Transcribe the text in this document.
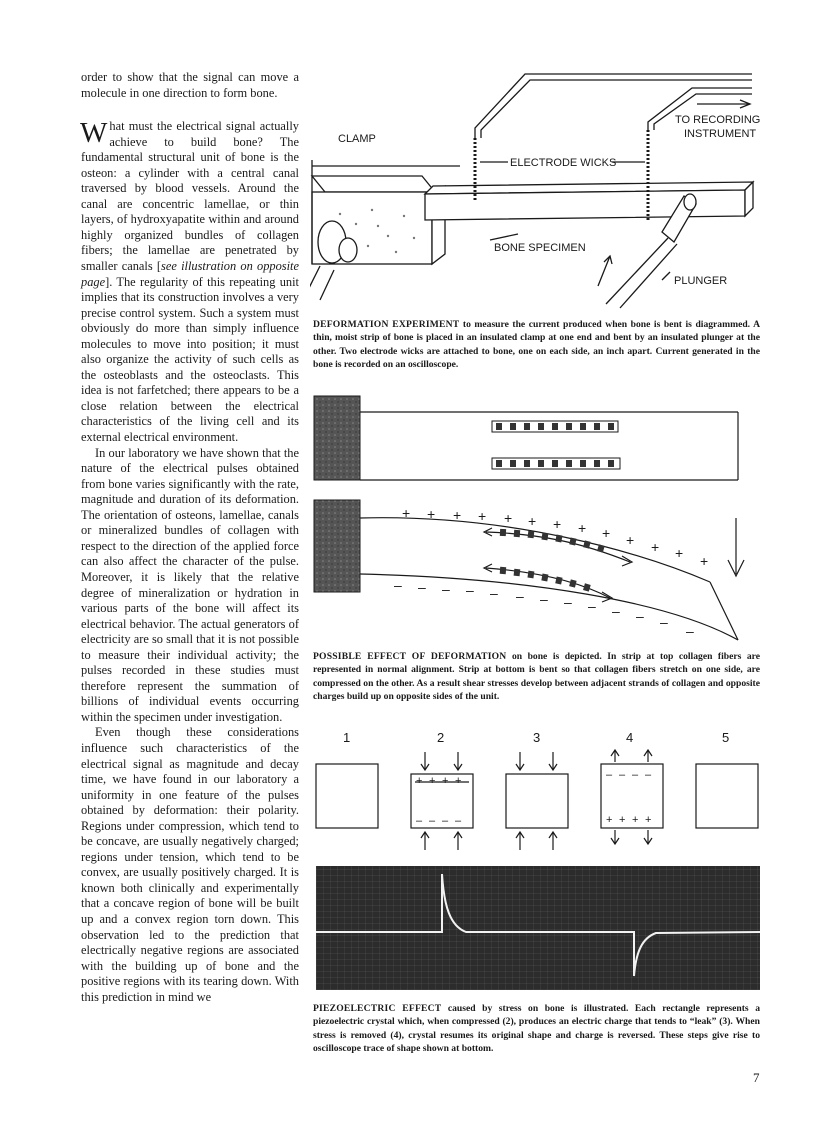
order to show that the signal can move a molecule in one direction to form bone.

What must the electrical signal actually achieve to build bone? The fundamental structural unit of bone is the osteon: a cylinder with a central canal traversed by blood vessels. Around the canal are concentric lamellae, or thin layers, of hydroxyapatite within and around highly organized bundles of collagen fibers; the lamellae are penetrated by smaller canals [see illustration on opposite page]. The regularity of this repeating unit implies that its construction involves a very precise control system. Such a system must obviously do more than simply influence molecules to move into position; it must also organize the activity of such cells as the osteoblasts and the osteoclasts. This idea is not farfetched; there appears to be a close relation between the electrical characteristics of the living cell and its external electrical environment.

In our laboratory we have shown that the nature of the electrical pulses obtained from bone varies significantly with the rate, magnitude and duration of its deformation. The orientation of osteons, lamellae, canals or mineralized bundles of collagen with respect to the direction of the applied force can also affect the character of the pulse. Moreover, it is likely that the relative degree of mineralization or hydration in various parts of the bone will affect its electrical behavior. The actual generators of electricity are so small that it is not possible to measure their individual activity; the pulses recorded in these studies must therefore represent the summation of billions of individual events occurring within the specimen under investigation.

Even though these considerations influence such characteristics of the electrical signal as magnitude and decay time, we have found in our laboratory a uniformity in one feature of the pulses obtained by deformation: their polarity. Regions under compression, which tend to be concave, are usually negatively charged; regions under tension, which tend to be convex, are usually positively charged. It is known both clinically and experimentally that a concave region of bone will be built up and a convex region torn down. This observation led to the prediction that electrically negative regions are associated with the building up of bone and the positive regions with its tearing down. With this prediction in mind we

CLAMP
ELECTRODE WICKS
TO RECORDING
INSTRUMENT
BONE SPECIMEN
PLUNGER
DEFORMATION EXPERIMENT to measure the current produced when bone is bent is diagrammed. A thin, moist strip of bone is placed in an insulated clamp at one end and bent by an insulated plunger at the other. Two electrode wicks are attached to bone, one on each side, an inch apart. Current generated in the bone is recorded on an oscilloscope.
+ + + + + + + + + + + + +
– – – – – – – – – – – –
–
POSSIBLE EFFECT OF DEFORMATION on bone is depicted. In strip at top collagen fibers are represented in normal alignment. Strip at bottom is bent so that collagen fibers stretch on one side, are compressed on the other. As a result shear stresses develop between adjacent strands of collagen and opposite charges build up on opposite sides of the unit.
1	2	3	4	5
+ + + +
– – – –
– – – –
+ + + +
PIEZOELECTRIC EFFECT caused by stress on bone is illustrated. Each rectangle represents a piezoelectric crystal which, when compressed (2), produces an electric charge that tends to “leak” (3). When stress is removed (4), crystal resumes its original shape and charge is reversed. These steps give rise to oscilloscope trace of shape shown at bottom.
7
